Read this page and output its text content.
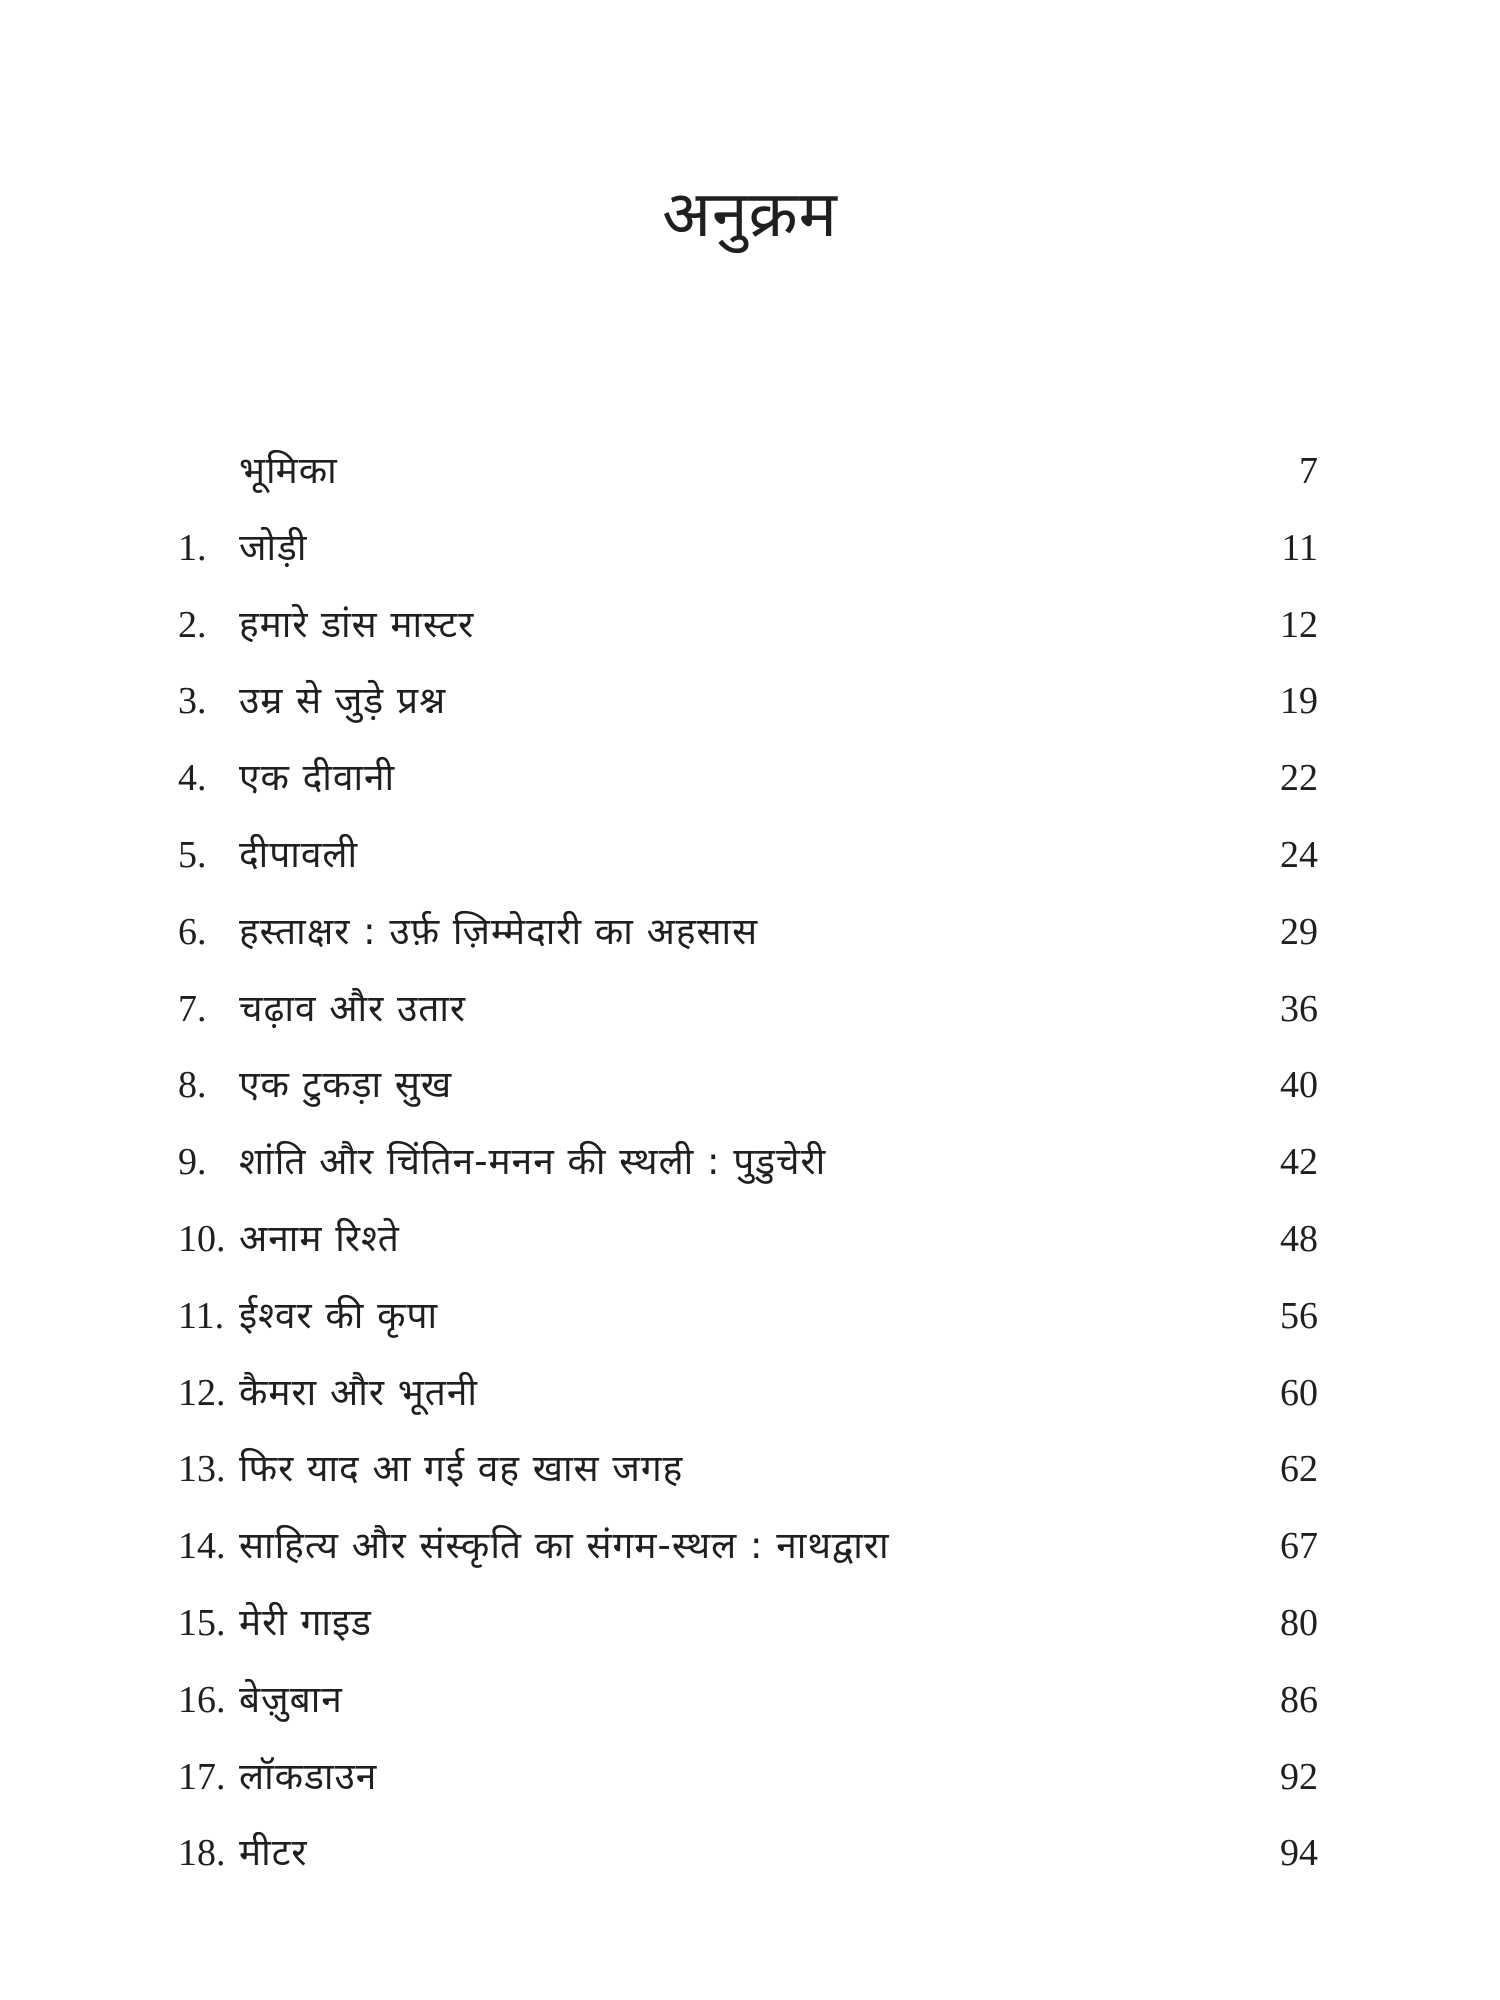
अनुक्रम
भूमिका	7
1. जोड़ी	11
2. हमारे डांस मास्टर	12
3. उम्र से जुड़े प्रश्न	19
4. एक दीवानी	22
5. दीपावली	24
6. हस्ताक्षर : उर्फ़ ज़िम्मेदारी का अहसास	29
7. चढ़ाव और उतार	36
8. एक टुकड़ा सुख	40
9. शांति और चिंतिन-मनन की स्थली : पुडुचेरी	42
10. अनाम रिश्ते	48
11. ईश्वर की कृपा	56
12. कैमरा और भूतनी	60
13. फिर याद आ गई वह खास जगह	62
14. साहित्य और संस्कृति का संगम-स्थल : नाथद्वारा	67
15. मेरी गाइड	80
16. बेज़ुबान	86
17. लॉकडाउन	92
18. मीटर	94
